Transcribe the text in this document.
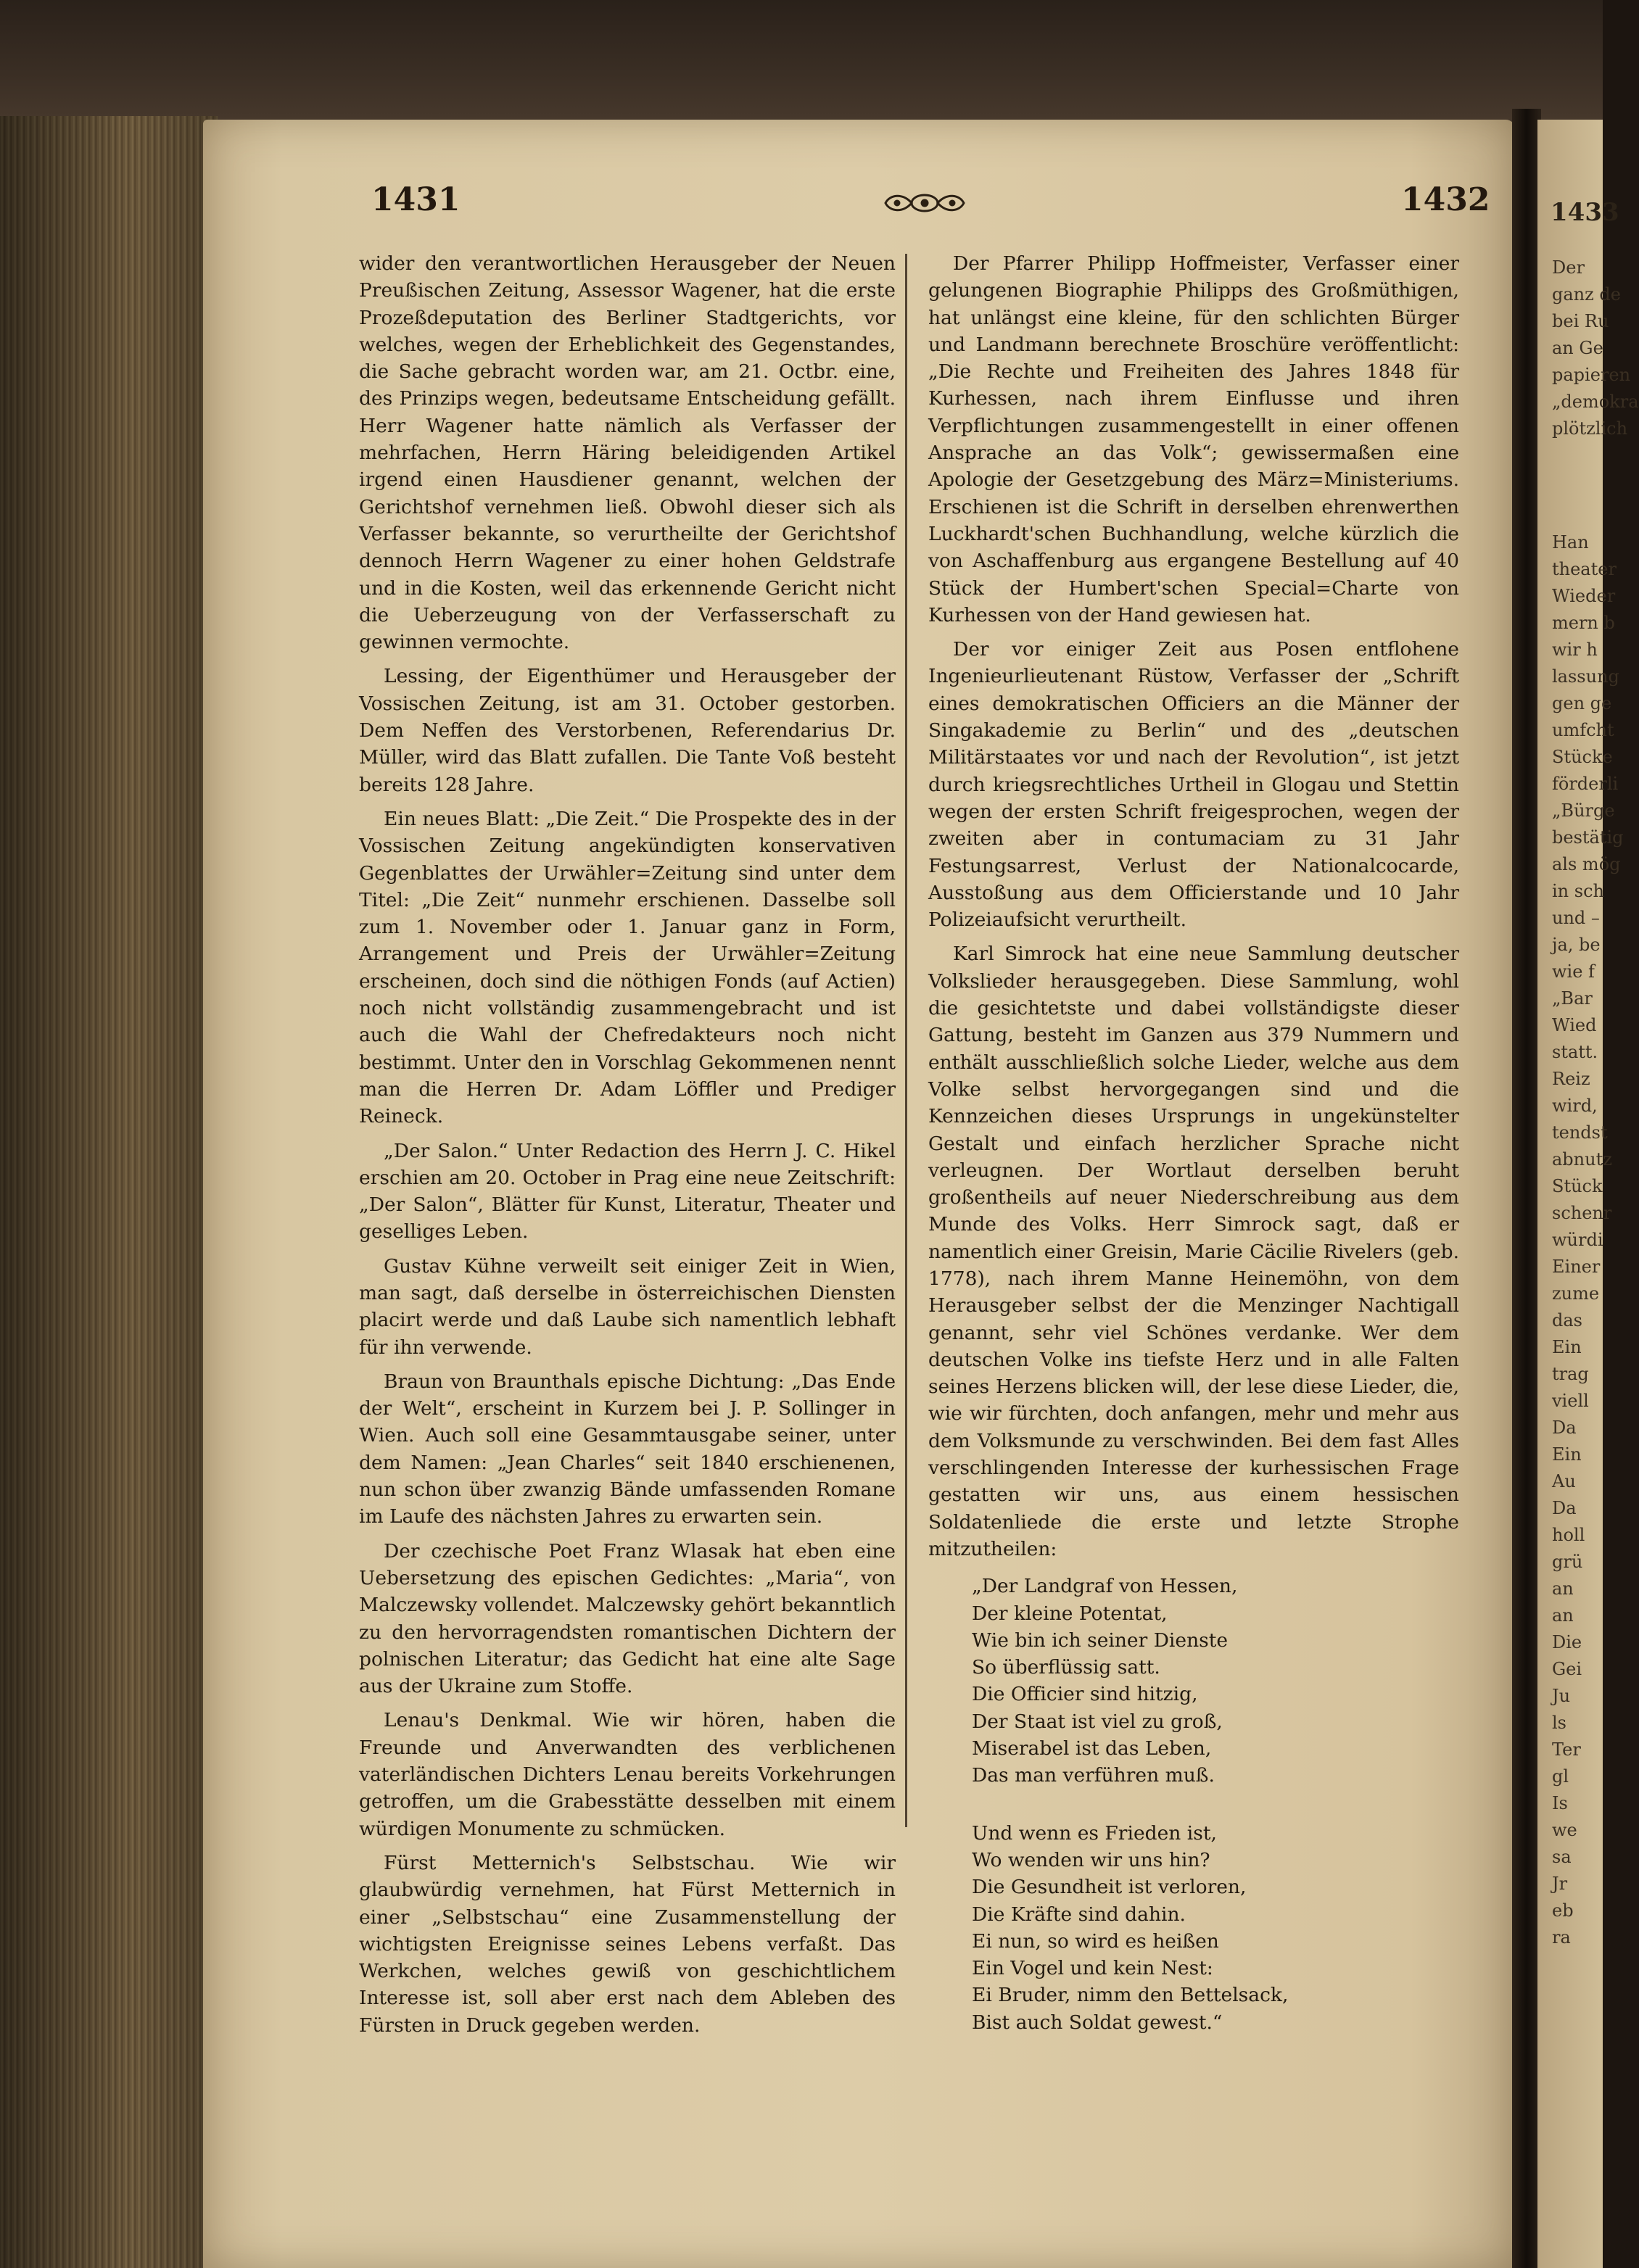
1431	1432

wider den verantwortlichen Herausgeber der Neuen Preußischen Zeitung, Assessor Wagener, hat die erste Prozeßdeputation des Berliner Stadtgerichts, vor welches, wegen der Erheblichkeit des Gegenstandes, die Sache gebracht worden war, am 21. Octbr. eine, des Prinzips wegen, bedeutsame Entscheidung gefällt. Herr Wagener hatte nämlich als Verfasser der mehrfachen, Herrn Häring beleidigenden Artikel irgend einen Hausdiener genannt, welchen der Gerichtshof vernehmen ließ. Obwohl dieser sich als Verfasser bekannte, so verurtheilte der Gerichtshof dennoch Herrn Wagener zu einer hohen Geldstrafe und in die Kosten, weil das erkennende Gericht nicht die Ueberzeugung von der Verfasserschaft zu gewinnen vermochte.

Lessing, der Eigenthümer und Herausgeber der Vossischen Zeitung, ist am 31. October gestorben. Dem Neffen des Verstorbenen, Referendarius Dr. Müller, wird das Blatt zufallen. Die Tante Voß besteht bereits 128 Jahre.

Ein neues Blatt: „Die Zeit.“ Die Prospekte des in der Vossischen Zeitung angekündigten konservativen Gegenblattes der Urwähler=Zeitung sind unter dem Titel: „Die Zeit“ nunmehr erschienen. Dasselbe soll zum 1. November oder 1. Januar ganz in Form, Arrangement und Preis der Urwähler=Zeitung erscheinen, doch sind die nöthigen Fonds (auf Actien) noch nicht vollständig zusammengebracht und ist auch die Wahl der Chefredakteurs noch nicht bestimmt. Unter den in Vorschlag Gekommenen nennt man die Herren Dr. Adam Löffler und Prediger Reineck.

„Der Salon.“ Unter Redaction des Herrn J. C. Hikel erschien am 20. October in Prag eine neue Zeitschrift: „Der Salon“, Blätter für Kunst, Literatur, Theater und geselliges Leben.

Gustav Kühne verweilt seit einiger Zeit in Wien, man sagt, daß derselbe in österreichischen Diensten placirt werde und daß Laube sich namentlich lebhaft für ihn verwende.

Braun von Braunthals epische Dichtung: „Das Ende der Welt“, erscheint in Kurzem bei J. P. Sollinger in Wien. Auch soll eine Gesammtausgabe seiner, unter dem Namen: „Jean Charles“ seit 1840 erschienenen, nun schon über zwanzig Bände umfassenden Romane im Laufe des nächsten Jahres zu erwarten sein.

Der czechische Poet Franz Wlasak hat eben eine Uebersetzung des epischen Gedichtes: „Maria“, von Malczewsky vollendet. Malczewsky gehört bekanntlich zu den hervorragendsten romantischen Dichtern der polnischen Literatur; das Gedicht hat eine alte Sage aus der Ukraine zum Stoffe.

Lenau's Denkmal. Wie wir hören, haben die Freunde und Anverwandten des verblichenen vaterländischen Dichters Lenau bereits Vorkehrungen getroffen, um die Grabesstätte desselben mit einem würdigen Monumente zu schmücken.

Fürst Metternich's Selbstschau. Wie wir glaubwürdig vernehmen, hat Fürst Metternich in einer „Selbstschau“ eine Zusammenstellung der wichtigsten Ereignisse seines Lebens verfaßt. Das Werkchen, welches gewiß von geschichtlichem Interesse ist, soll aber erst nach dem Ableben des Fürsten in Druck gegeben werden.

Der Pfarrer Philipp Hoffmeister, Verfasser einer gelungenen Biographie Philipps des Großmüthigen, hat unlängst eine kleine, für den schlichten Bürger und Landmann berechnete Broschüre veröffentlicht: „Die Rechte und Freiheiten des Jahres 1848 für Kurhessen, nach ihrem Einflusse und ihren Verpflichtungen zusammengestellt in einer offenen Ansprache an das Volk“; gewissermaßen eine Apologie der Gesetzgebung des März=Ministeriums. Erschienen ist die Schrift in derselben ehrenwerthen Luckhardt'schen Buchhandlung, welche kürzlich die von Aschaffenburg aus ergangene Bestellung auf 40 Stück der Humbert'schen Special=Charte von Kurhessen von der Hand gewiesen hat.

Der vor einiger Zeit aus Posen entflohene Ingenieurlieutenant Rüstow, Verfasser der „Schrift eines demokratischen Officiers an die Männer der Singakademie zu Berlin“ und des „deutschen Militärstaates vor und nach der Revolution“, ist jetzt durch kriegsrechtliches Urtheil in Glogau und Stettin wegen der ersten Schrift freigesprochen, wegen der zweiten aber in contumaciam zu 31 Jahr Festungsarrest, Verlust der Nationalcocarde, Ausstoßung aus dem Officierstande und 10 Jahr Polizeiaufsicht verurtheilt.

Karl Simrock hat eine neue Sammlung deutscher Volkslieder herausgegeben. Diese Sammlung, wohl die gesichtetste und dabei vollständigste dieser Gattung, besteht im Ganzen aus 379 Nummern und enthält ausschließlich solche Lieder, welche aus dem Volke selbst hervorgegangen sind und die Kennzeichen dieses Ursprungs in ungekünstelter Gestalt und einfach herzlicher Sprache nicht verleugnen. Der Wortlaut derselben beruht großentheils auf neuer Niederschreibung aus dem Munde des Volks. Herr Simrock sagt, daß er namentlich einer Greisin, Marie Cäcilie Rivelers (geb. 1778), nach ihrem Manne Heinemöhn, von dem Herausgeber selbst der die Menzinger Nachtigall genannt, sehr viel Schönes verdanke. Wer dem deutschen Volke ins tiefste Herz und in alle Falten seines Herzens blicken will, der lese diese Lieder, die, wie wir fürchten, doch anfangen, mehr und mehr aus dem Volksmunde zu verschwinden. Bei dem fast Alles verschlingenden Interesse der kurhessischen Frage gestatten wir uns, aus einem hessischen Soldatenliede die erste und letzte Strophe mitzutheilen:

„Der Landgraf von Hessen,
Der kleine Potentat,
Wie bin ich seiner Dienste
So überflüssig satt.
Die Officier sind hitzig,
Der Staat ist viel zu groß,
Miserabel ist das Leben,
Das man verführen muß.
Und wenn es Frieden ist,
Wo wenden wir uns hin?
Die Gesundheit ist verloren,
Die Kräfte sind dahin.
Ei nun, so wird es heißen
Ein Vogel und kein Nest:
Ei Bruder, nimm den Bettelsack,
Bist auch Soldat gewest.“
1433
Der
ganz de
bei Ru
an Ge
papieren
„demokra
plötzlich
Han
theater
Wieder
mern b
wir h
lassung
gen ge
umfcht
Stücke
förderli
„Bürge
bestätig
als mög
in sch
und –
ja, be
wie f
„Bar
Wied
statt.
Reiz
wird,
tendst
abnutz
Stück
schenr
würdi
Einer
zume
das
Ein
trag
viell
Da
Ein
Au
Da
holl
grü
an
an
Die
Gei
Ju
ls
Ter
gl
Is
we
sa
Jr
eb
ra
